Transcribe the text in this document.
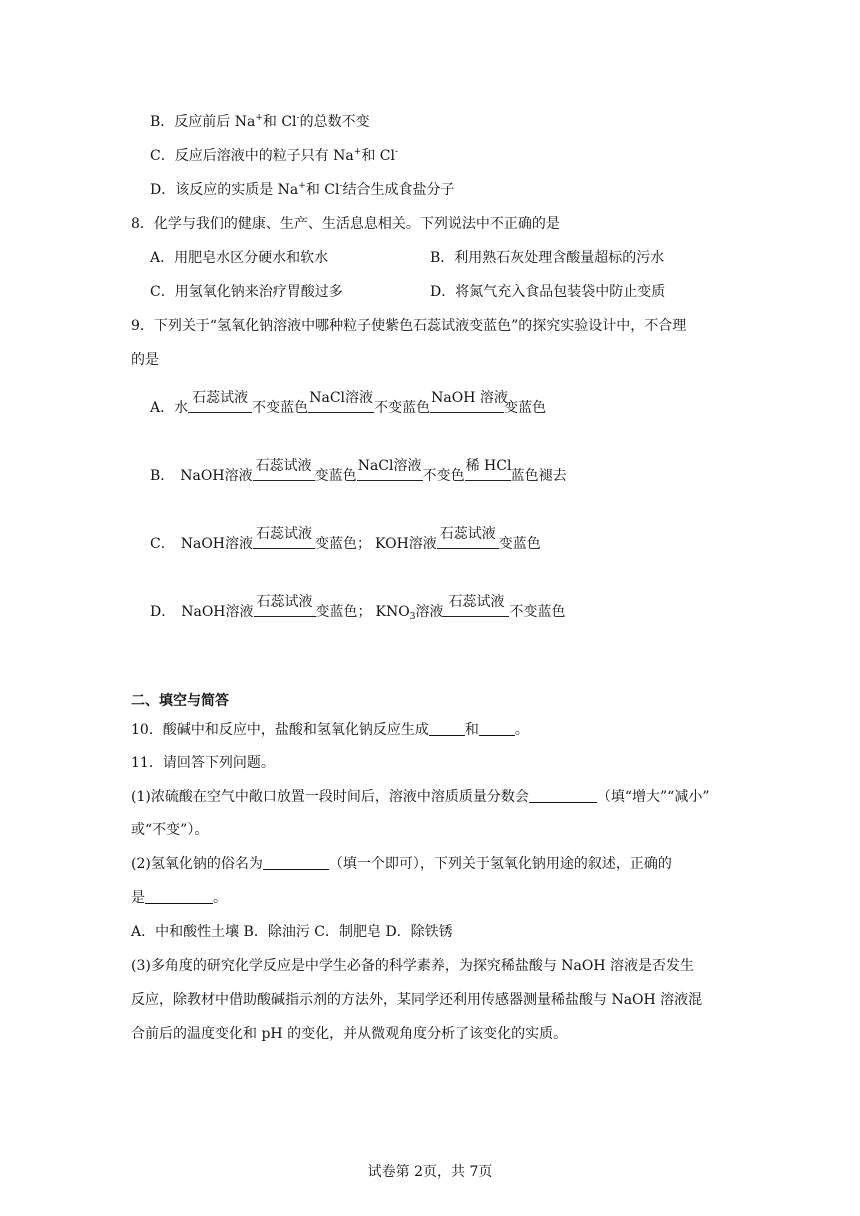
B．反应前后 Na+和 Cl-的总数不变
C．反应后溶液中的粒子只有 Na+和 Cl-
D．该反应的实质是 Na+和 Cl-结合生成食盐分子
8．化学与我们的健康、生产、生活息息相关。下列说法中不正确的是
A．用肥皂水区分硬水和软水	B．利用熟石灰处理含酸量超标的污水
C．用氢氧化钠来治疗胃酸过多	D．将氮气充入食品包装袋中防止变质
9．下列关于“氢氧化钠溶液中哪种粒子使紫色石蕊试液变蓝色”的探究实验设计中，不合理
的是
A．水
石蕊试液
不变蓝色
NaCl溶液
不变蓝色
NaOH 溶液
变蓝色
B． NaOH溶液
石蕊试液
变蓝色
NaCl溶液
不变色
稀 HCl
蓝色褪去
C． NaOH溶液
石蕊试液
变蓝色； KOH溶液
石蕊试液
变蓝色
D． NaOH溶液
石蕊试液
变蓝色； $KNO_3$溶液
石蕊试液
不变蓝色
二、填空与简答
10．酸碱中和反应中，盐酸和氢氧化钠反应生成	和	。
11．请回答下列问题。
(1)浓硫酸在空气中敞口放置一段时间后，溶液中溶质质量分数会	（填“增大”“减小”
或“不变”）。
(2)氢氧化钠的俗名为	（填一个即可），下列关于氢氧化钠用途的叙述，正确的
是	。
A．中和酸性土壤 B．除油污 C．制肥皂 D．除铁锈
(3)多角度的研究化学反应是中学生必备的科学素养，为探究稀盐酸与 NaOH 溶液是否发生
反应，除教材中借助酸碱指示剂的方法外，某同学还利用传感器测量稀盐酸与 NaOH 溶液混
合前后的温度变化和 pH 的变化，并从微观角度分析了该变化的实质。
试卷第 2页，共 7页
